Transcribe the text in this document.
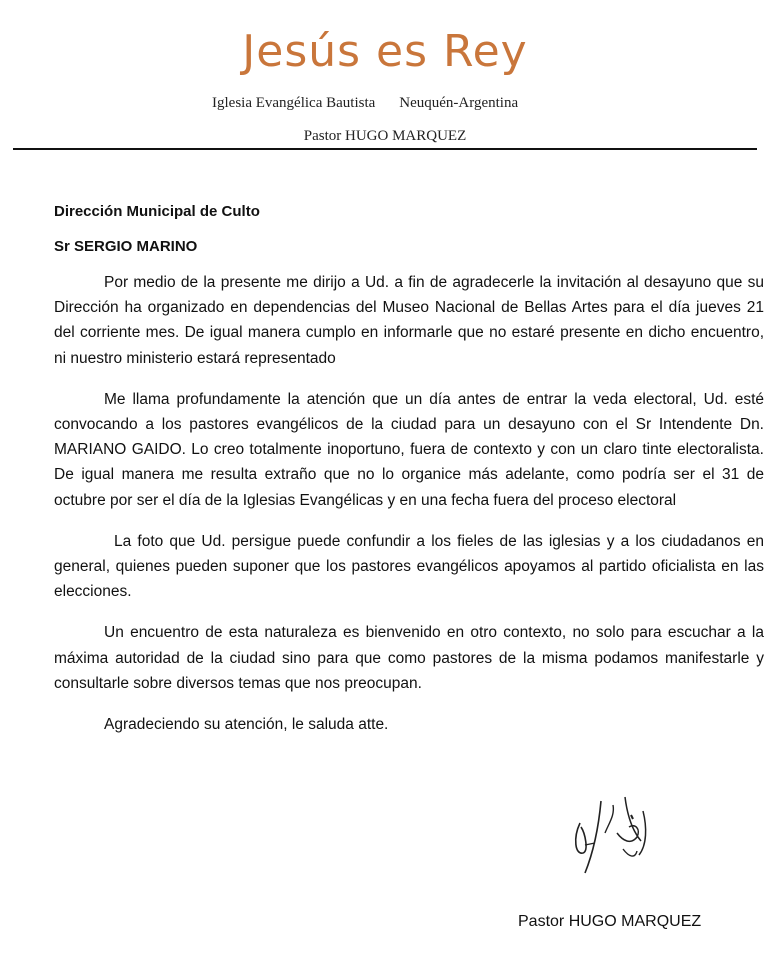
Jesús es Rey
Iglesia Evangélica Bautista Neuquén-Argentina
Pastor HUGO MARQUEZ
Dirección Municipal de Culto
Sr SERGIO MARINO

Por medio de la presente me dirijo a Ud. a fin de agradecerle la invitación al desayuno que su Dirección ha organizado en dependencias del Museo Nacional de Bellas Artes para el día jueves 21 del corriente mes. De igual manera cumplo en informarle que no estaré presente en dicho encuentro, ni nuestro ministerio estará representado

Me llama profundamente la atención que un día antes de entrar la veda electoral, Ud. esté convocando a los pastores evangélicos de la ciudad para un desayuno con el Sr Intendente Dn. MARIANO GAIDO. Lo creo totalmente inoportuno, fuera de contexto y con un claro tinte electoralista. De igual manera me resulta extraño que no lo organice más adelante, como podría ser el 31 de octubre por ser el día de la Iglesias Evangélicas y en una fecha fuera del proceso electoral

La foto que Ud. persigue puede confundir a los fieles de las iglesias y a los ciudadanos en general, quienes pueden suponer que los pastores evangélicos apoyamos al partido oficialista en las elecciones.

Un encuentro de esta naturaleza es bienvenido en otro contexto, no solo para escuchar a la máxima autoridad de la ciudad sino para que como pastores de la misma podamos manifestarle y consultarle sobre diversos temas que nos preocupan.

Agradeciendo su atención, le saluda atte.

Pastor HUGO MARQUEZ
